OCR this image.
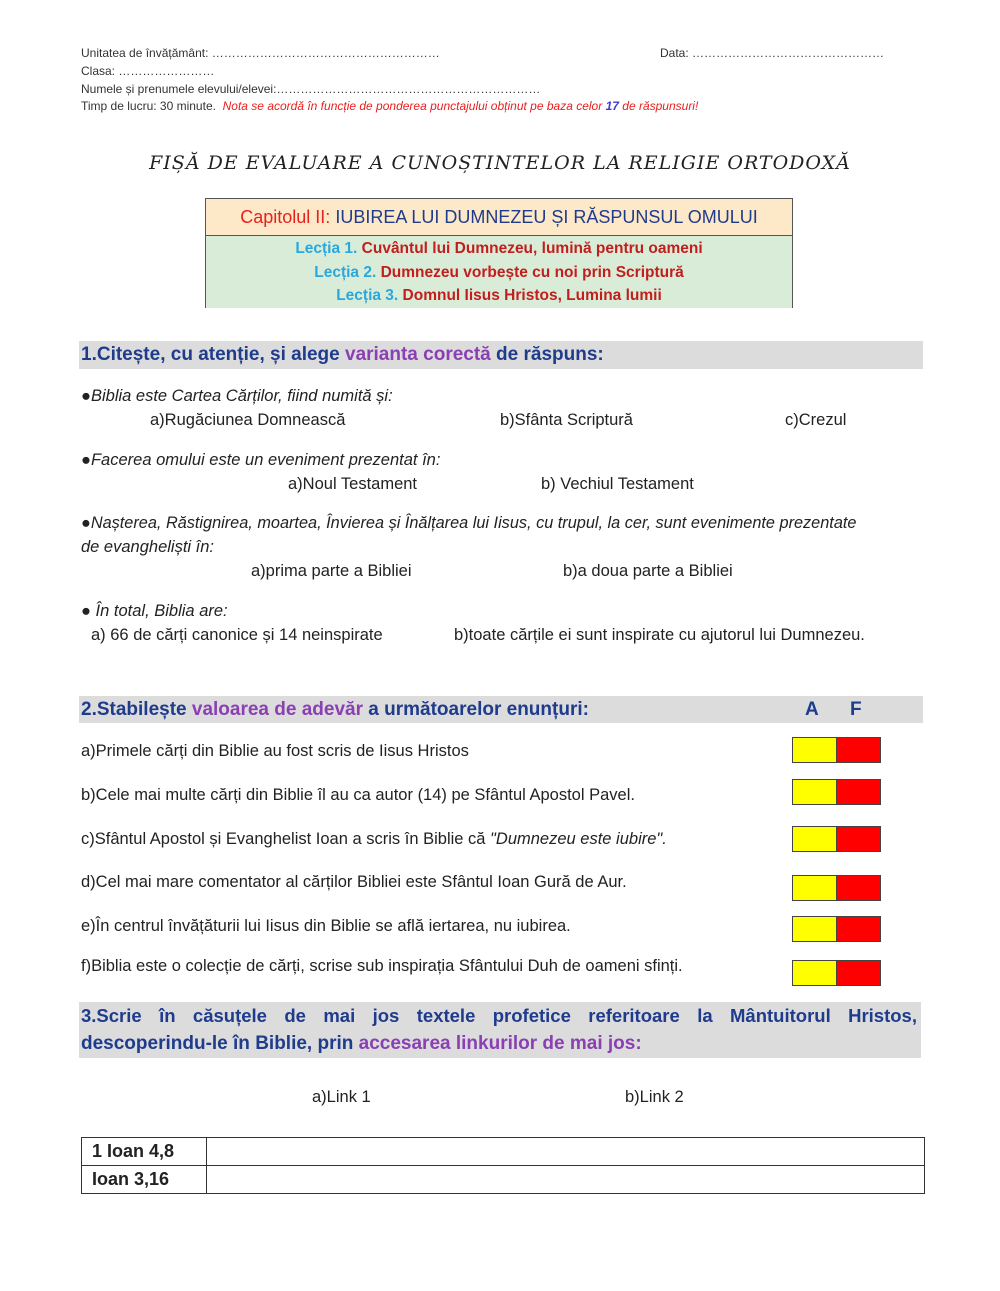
Unitatea de învățământ: …………………………………………………	Data: …………………………………………
Clasa: ……………………
Numele și prenumele elevului/elevei:…………………………………………………………
Timp de lucru: 30 minute. Nota se acordă în funcție de ponderea punctajului obținut pe baza celor 17 de răspunsuri!
FIȘĂ DE EVALUARE A CUNOȘTINTELOR LA RELIGIE ORTODOXĂ
Capitolul II: IUBIREA LUI DUMNEZEU ȘI RĂSPUNSUL OMULUI
Lecția 1. Cuvântul lui Dumnezeu, lumină pentru oameni
Lecția 2. Dumnezeu vorbește cu noi prin Scriptură
Lecția 3. Domnul Iisus Hristos, Lumina lumii
1.Citește, cu atenție, și alege varianta corectă de răspuns:
●Biblia este Cartea Cărților, fiind numită și:
a)Rugăciunea Domnească	b)Sfânta Scriptură	c)Crezul
●Facerea omului este un eveniment prezentat în:
a)Noul Testament	b) Vechiul Testament
●Nașterea, Răstignirea, moartea, Învierea și Înălțarea lui Iisus, cu trupul, la cer, sunt evenimente prezentate
de evangheliști în:
a)prima parte a Bibliei	b)a doua parte a Bibliei
● În total, Biblia are:
a) 66 de cărți canonice și 14 neinspirate	b)toate cărțile ei sunt inspirate cu ajutorul lui Dumnezeu.
2.Stabilește valoarea de adevăr a următoarelor enunțuri:	A F
a)Primele cărți din Biblie au fost scris de Iisus Hristos
b)Cele mai multe cărți din Biblie îl au ca autor (14) pe Sfântul Apostol Pavel.
c)Sfântul Apostol și Evanghelist Ioan a scris în Biblie că "Dumnezeu este iubire".
d)Cel mai mare comentator al cărților Bibliei este Sfântul Ioan Gură de Aur.
e)În centrul învățăturii lui Iisus din Biblie se află iertarea, nu iubirea.
f)Biblia este o colecție de cărți, scrise sub inspirația Sfântului Duh de oameni sfinți.
3.Scrie în căsuțele de mai jos textele profetice referitoare la Mântuitorul Hristos,
descoperindu-le în Biblie, prin accesarea linkurilor de mai jos:
a)Link 1	b)Link 2
1 Ioan 4,8	
Ioan 3,16	
